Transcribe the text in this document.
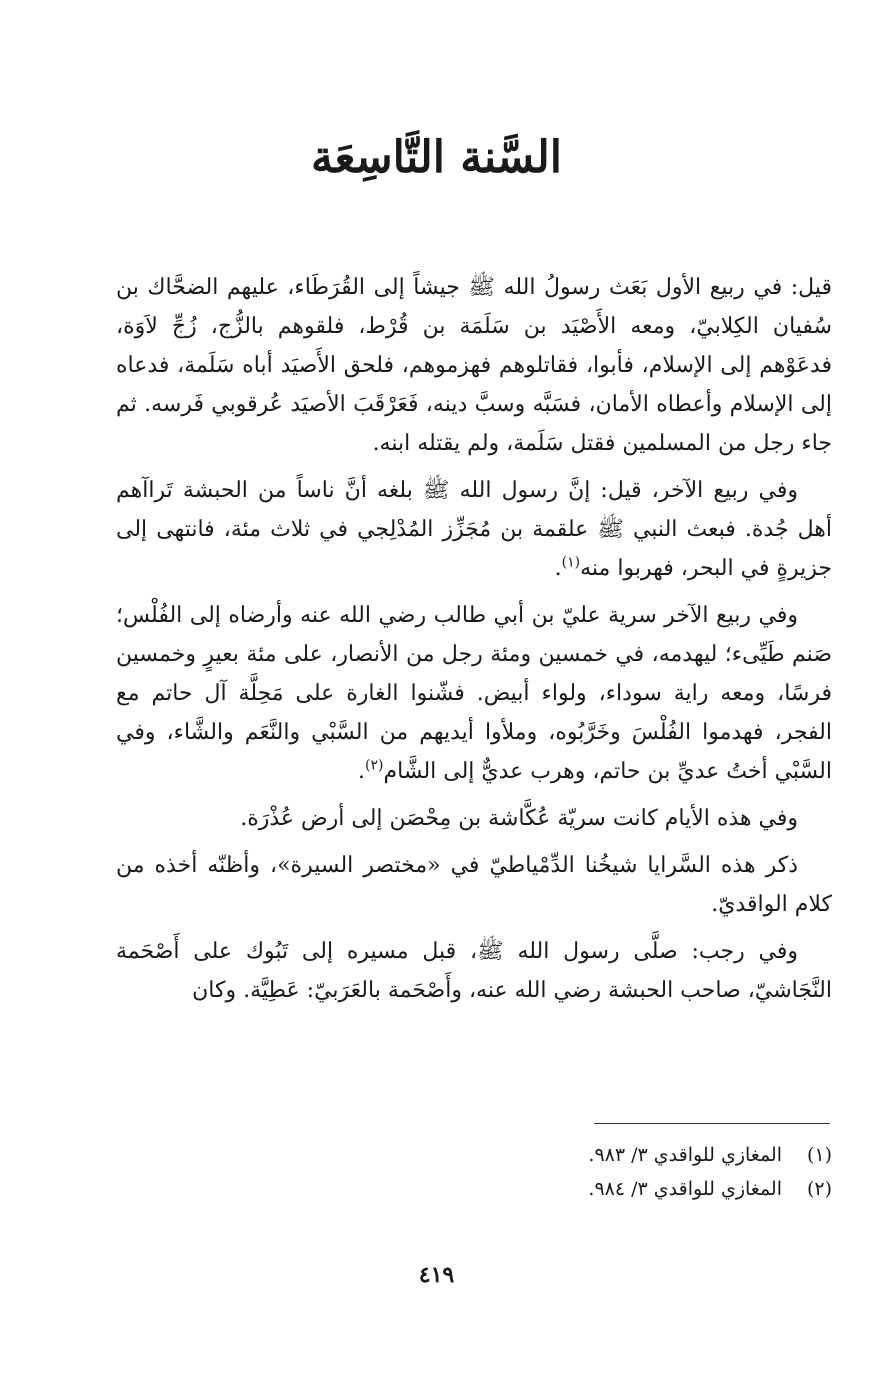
السَّنة التَّاسِعَة

قيل: في ربيع الأول بَعَث رسولُ الله ﷺ جيشاً إلى القُرَطَاء، عليهم الضحَّاك بن سُفيان الكِلابيّ، ومعه الأَصْيَد بن سَلَمَة بن قُرْط، فلقوهم بالزُّج، زُجِّ لاَوَة، فدعَوْهم إلى الإسلام، فأبوا، فقاتلوهم فهزموهم، فلحق الأَصيَد أباه سَلَمة، فدعاه إلى الإسلام وأعطاه الأمان، فسَبَّه وسبَّ دينه، فَعَرْقَبَ الأصيَد عُرقوبي فَرسه. ثم جاء رجل من المسلمين فقتل سَلَمة، ولم يقتله ابنه.

وفي ربيع الآخر، قيل: إنَّ رسول الله ﷺ بلغه أنَّ ناساً من الحبشة تَراآهم أهل جُدة. فبعث النبي ﷺ علقمة بن مُجَزِّز المُدْلِجي في ثلاث مئة، فانتهى إلى جزيرةٍ في البحر، فهربوا منه$^{(١)}$.

وفي ربيع الآخر سرية عليّ بن أبي طالب رضي الله عنه وأرضاه إلى الفُلْس؛ صَنم طَيِّىء؛ ليهدمه، في خمسين ومئة رجل من الأنصار، على مئة بعيرٍ وخمسين فرسًا، ومعه راية سوداء، ولواء أبيض. فشّنوا الغارة على مَحِلَّة آل حاتم مع الفجر، فهدموا الفُلْسَ وخَرَّبُوه، وملأوا أيديهم من السَّبْي والنَّعَم والشَّاء، وفي السَّبْي أختُ عديِّ بن حاتم، وهرب عديٌّ إلى الشَّام$^{(٢)}$.

وفي هذه الأيام كانت سريّة عُكَّاشة بن مِحْصَن إلى أرض عُذْرَة.

ذكر هذه السَّرايا شيخُنا الدِّمْياطيّ في «مختصر السيرة»، وأظنّه أخذه من كلام الواقديّ.

وفي رجب: صلَّى رسول الله ﷺ، قبل مسيره إلى تَبُوك على أَصْحَمة النَّجَاشيّ، صاحب الحبشة رضي الله عنه، وأَصْحَمة بالعَرَبيّ: عَطِيَّة. وكان

(١)
المغازي للواقدي ٣/ ٩٨٣.
(٢)
المغازي للواقدي ٣/ ٩٨٤.
٤١٩
